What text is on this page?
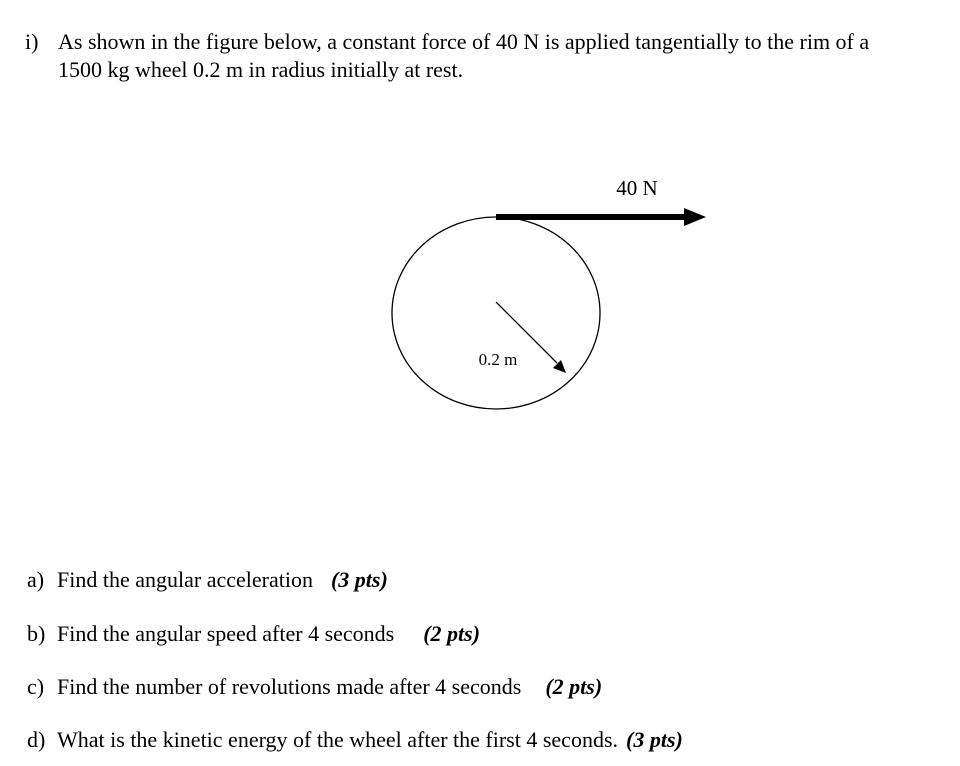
i) As shown in the figure below, a constant force of 40 N is applied tangentially to the rim of a
1500 kg wheel 0.2 m in radius initially at rest.
40 N
0.2 m
a) Find the angular acceleration (3 pts)
b) Find the angular speed after 4 seconds (2 pts)
c) Find the number of revolutions made after 4 seconds (2 pts)
d) What is the kinetic energy of the wheel after the first 4 seconds. (3 pts)
